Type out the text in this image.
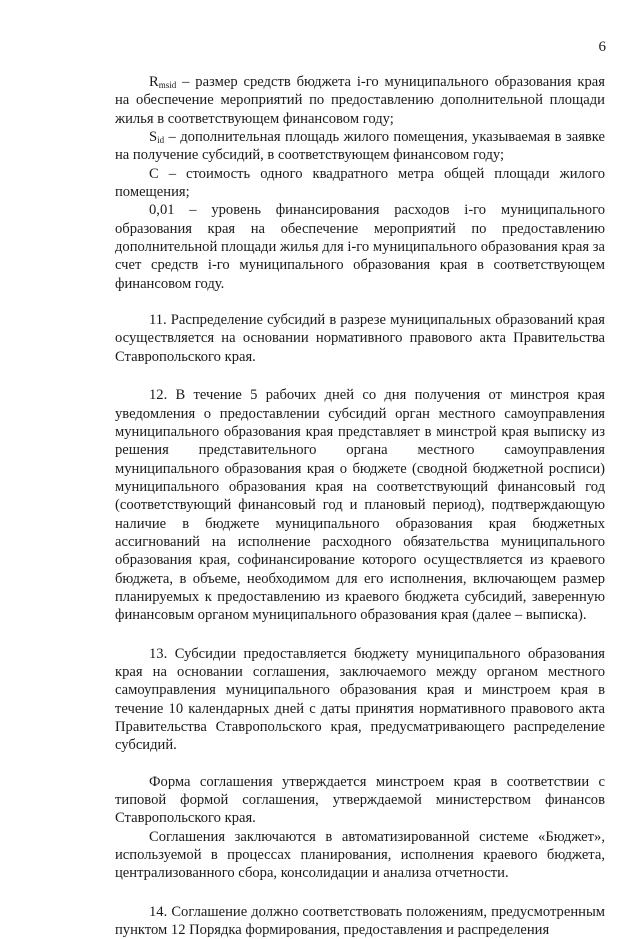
6

$R_{msid}$ – размер средств бюджета i-го муниципального образования края на обеспечение мероприятий по предоставлению дополнительной площади жилья в соответствующем финансовом году;

$S_{id}$ – дополнительная площадь жилого помещения, указываемая в заявке на получение субсидий, в соответствующем финансовом году;

С – стоимость одного квадратного метра общей площади жилого помещения;

0,01 – уровень финансирования расходов i-го муниципального образования края на обеспечение мероприятий по предоставлению дополнительной площади жилья для i-го муниципального образования края за счет средств i-го муниципального образования края в соответствующем финансовом году.

11. Распределение субсидий в разрезе муниципальных образований края осуществляется на основании нормативного правового акта Правительства Ставропольского края.

12. В течение 5 рабочих дней со дня получения от минстроя края уведомления о предоставлении субсидий орган местного самоуправления муниципального образования края представляет в минстрой края выписку из решения представительного органа местного самоуправления муниципального образования края о бюджете (сводной бюджетной росписи) муниципального образования края на соответствующий финансовый год (соответствующий финансовый год и плановый период), подтверждающую наличие в бюджете муниципального образования края бюджетных ассигнований на исполнение расходного обязательства муниципального образования края, софинансирование которого осуществляется из краевого бюджета, в объеме, необходимом для его исполнения, включающем размер планируемых к предоставлению из краевого бюджета субсидий, заверенную финансовым органом муниципального образования края (далее – выписка).

13. Субсидии предоставляется бюджету муниципального образования края на основании соглашения, заключаемого между органом местного самоуправления муниципального образования края и минстроем края в течение 10 календарных дней с даты принятия нормативного правового акта Правительства Ставропольского края, предусматривающего распределение субсидий.

Форма соглашения утверждается минстроем края в соответствии с типовой формой соглашения, утверждаемой министерством финансов Ставропольского края.

Соглашения заключаются в автоматизированной системе «Бюджет», используемой в процессах планирования, исполнения краевого бюджета, централизованного сбора, консолидации и анализа отчетности.

14. Соглашение должно соответствовать положениям, предусмотренным пунктом 12 Порядка формирования, предоставления и распределения
